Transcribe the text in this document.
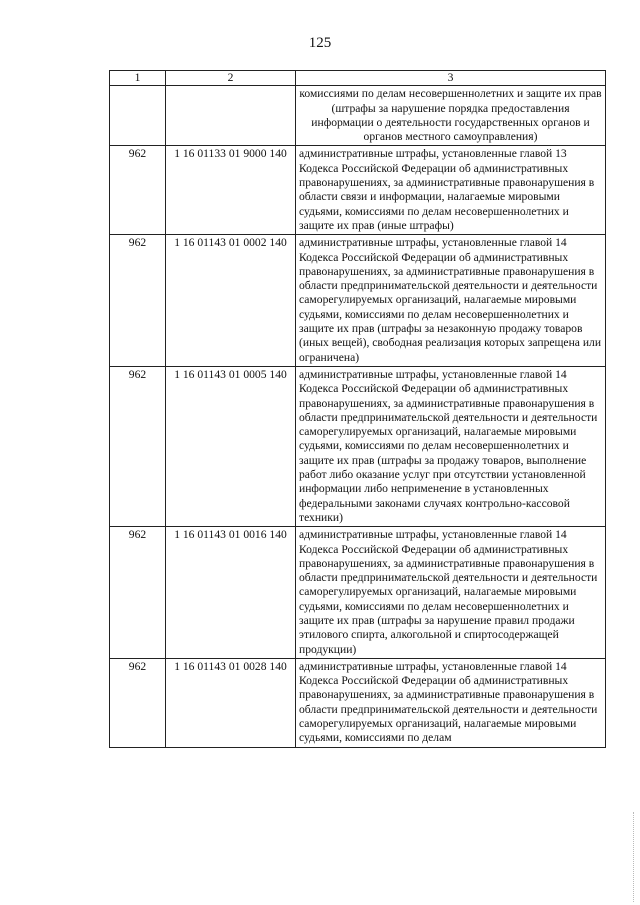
125
1	2	3
		комиссиями по делам несовершеннолетних и защите их прав (штрафы за нарушение порядка предоставления информации о деятельности государственных органов и органов местного самоуправления)
962	1 16 01133 01 9000 140	административные штрафы, установленные главой 13 Кодекса Российской Федерации об административных правонарушениях, за административные правонарушения в области связи и информации, налагаемые мировыми судьями, комиссиями по делам несовершеннолетних и защите их прав (иные штрафы)
962	1 16 01143 01 0002 140	административные штрафы, установленные главой 14 Кодекса Российской Федерации об административных правонарушениях, за административные правонарушения в области предпринимательской деятельности и деятельности саморегулируемых организаций, налагаемые мировыми судьями, комиссиями по делам несовершеннолетних и защите их прав (штрафы за незаконную продажу товаров (иных вещей), свободная реализация которых запрещена или ограничена)
962	1 16 01143 01 0005 140	административные штрафы, установленные главой 14 Кодекса Российской Федерации об административных правонарушениях, за административные правонарушения в области предпринимательской деятельности и деятельности саморегулируемых организаций, налагаемые мировыми судьями, комиссиями по делам несовершеннолетних и защите их прав (штрафы за продажу товаров, выполнение работ либо оказание услуг при отсутствии установленной информации либо неприменение в установленных федеральными законами случаях контрольно-кассовой техники)
962	1 16 01143 01 0016 140	административные штрафы, установленные главой 14 Кодекса Российской Федерации об административных правонарушениях, за административные правонарушения в области предпринимательской деятельности и деятельности саморегулируемых организаций, налагаемые мировыми судьями, комиссиями по делам несовершеннолетних и защите их прав (штрафы за нарушение правил продажи этилового спирта, алкогольной и спиртосодержащей продукции)
962	1 16 01143 01 0028 140	административные штрафы, установленные главой 14 Кодекса Российской Федерации об административных правонарушениях, за административные правонарушения в области предпринимательской деятельности и деятельности саморегулируемых организаций, налагаемые мировыми судьями, комиссиями по делам
